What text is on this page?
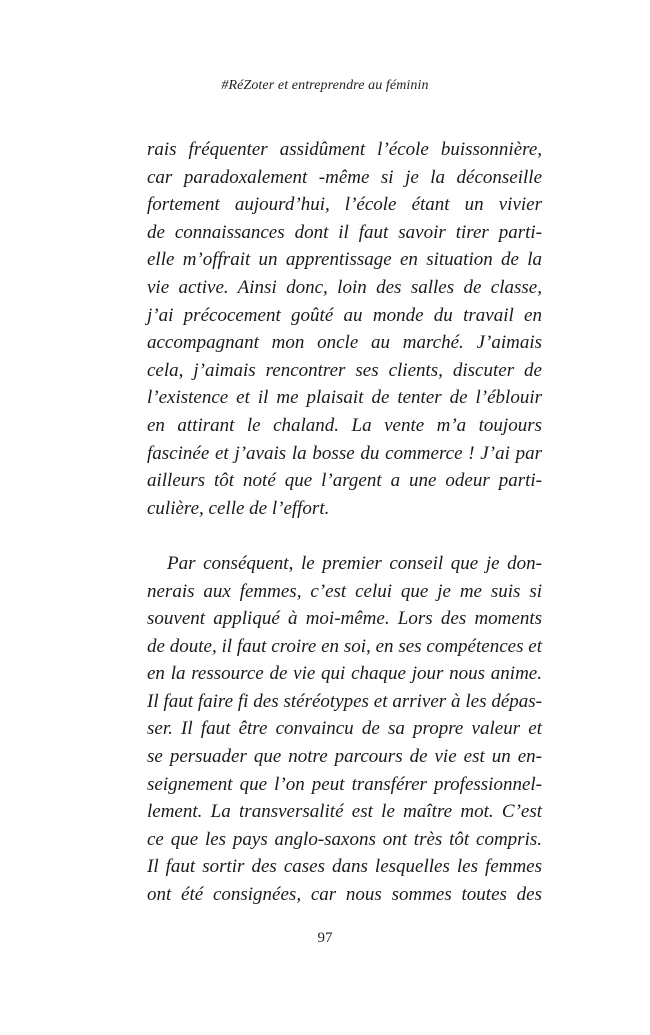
#RéZoter et entreprendre au féminin
rais fréquenter assidûment l’école buissonnière,
car paradoxalement -même si je la déconseille
fortement aujourd’hui, l’école étant un vivier
de connaissances dont il faut savoir tirer parti-
elle m’offrait un apprentissage en situation de la
vie active. Ainsi donc, loin des salles de classe,
j’ai précocement goûté au monde du travail en
accompagnant mon oncle au marché. J’aimais
cela, j’aimais rencontrer ses clients, discuter de
l’existence et il me plaisait de tenter de l’éblouir
en attirant le chaland. La vente m’a toujours
fascinée et j’avais la bosse du commerce ! J’ai par
ailleurs tôt noté que l’argent a une odeur parti-
culière, celle de l’effort.
Par conséquent, le premier conseil que je don-
nerais aux femmes, c’est celui que je me suis si
souvent appliqué à moi-même. Lors des moments
de doute, il faut croire en soi, en ses compétences et
en la ressource de vie qui chaque jour nous anime.
Il faut faire fi des stéréotypes et arriver à les dépas-
ser. Il faut être convaincu de sa propre valeur et
se persuader que notre parcours de vie est un en-
seignement que l’on peut transférer professionnel-
lement. La transversalité est le maître mot. C’est
ce que les pays anglo-saxons ont très tôt compris.
Il faut sortir des cases dans lesquelles les femmes
ont été consignées, car nous sommes toutes des
97
